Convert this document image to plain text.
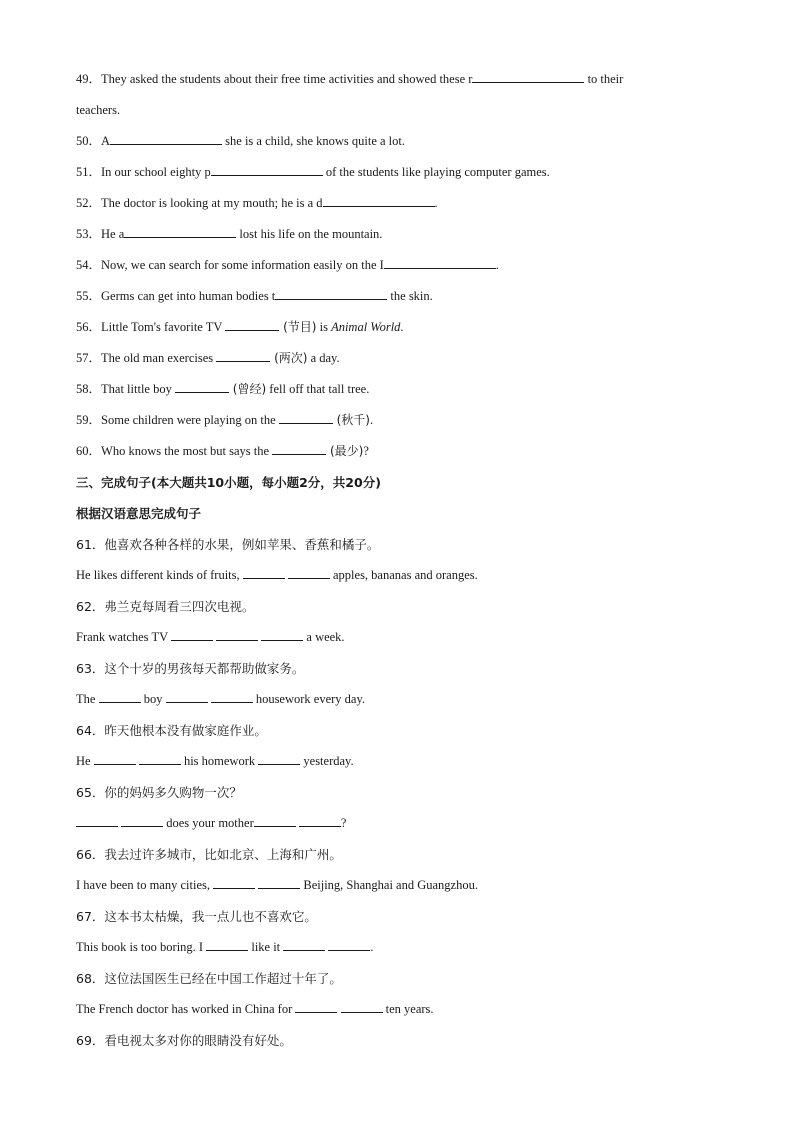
49．They asked the students about their free time activities and showed these r	to their
teachers.
50．A	she is a child, she knows quite a lot.
51．In our school eighty p	of the students like playing computer games.
52．The doctor is looking at my mouth; he is a d	.
53．He a	lost his life on the mountain.
54．Now, we can search for some information easily on the I	.
55．Germs can get into human bodies t	the skin.
56．Little Tom's favorite TV	(节目) is Animal World.
57．The old man exercises	(两次) a day.
58．That little boy	(曾经) fell off that tall tree.
59．Some children were playing on the	(秋千).
60．Who knows the most but says the	(最少)?
三、完成句子(本大题共10小题，每小题2分，共20分)
根据汉语意思完成句子
61．他喜欢各种各样的水果，例如苹果、香蕉和橘子。
He likes different kinds of fruits,	apples, bananas and oranges.
62．弗兰克每周看三四次电视。
Frank watches TV	a week.
63．这个十岁的男孩每天都帮助做家务。
The	boy	housework every day.
64．昨天他根本没有做家庭作业。
He	his homework	yesterday.
65．你的妈妈多久购物一次？
does your mother	?
66．我去过许多城市，比如北京、上海和广州。
I have been to many cities,	Beijing, Shanghai and Guangzhou.
67．这本书太枯燥，我一点儿也不喜欢它。
This book is too boring. I	like it	.
68．这位法国医生已经在中国工作超过十年了。
The French doctor has worked in China for	ten years.
69．看电视太多对你的眼睛没有好处。
